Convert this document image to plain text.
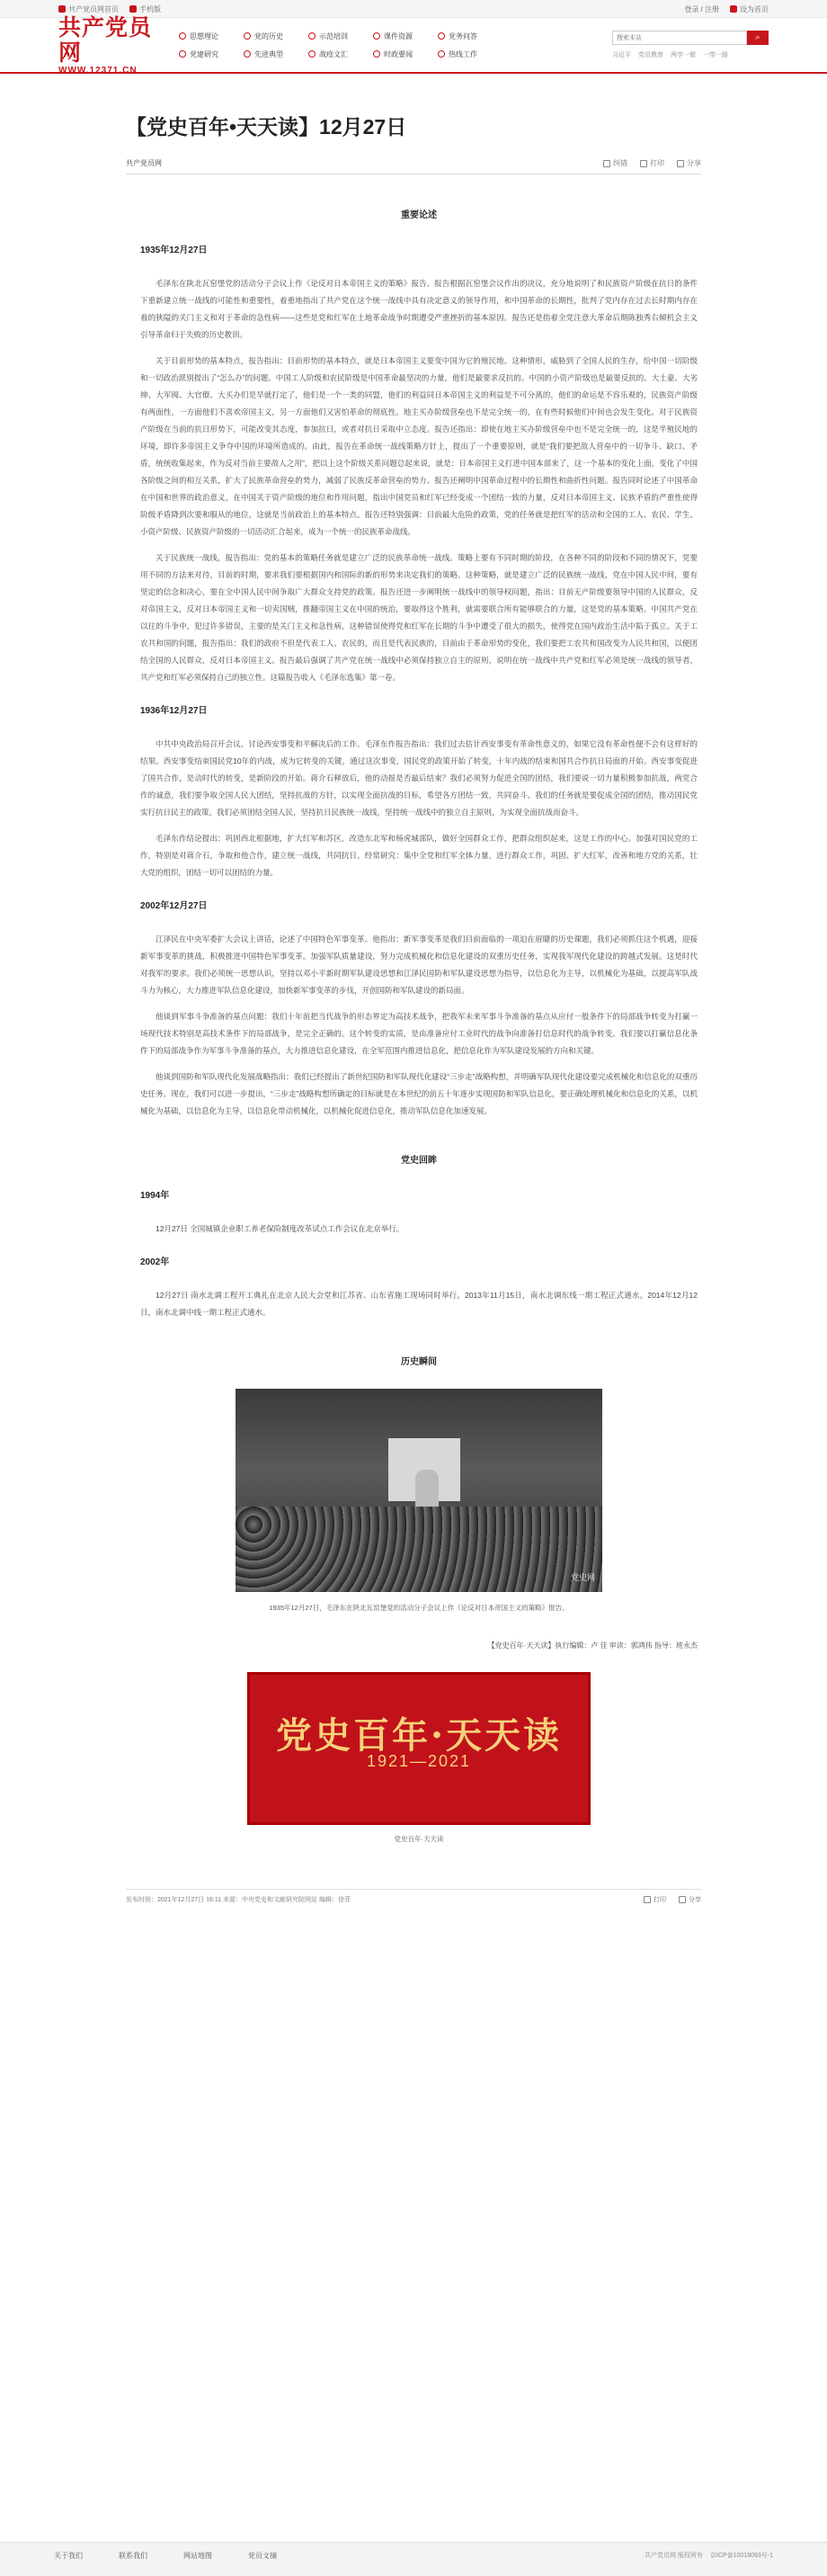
共产党员网首页	手机版	登录 / 注册	设为首页
共产党员网
WWW.12371.CN
思想理论	党的历史	示范培训	课件资源	党务问答
党建研究	先进典型	战疫文汇	时政要闻	热线工作
搜索本站
⌕
习近平 党员教育 两学一做 一带一路
【党史百年•天天读】12月27日
共产党员网	纠错	打印	分享
重要论述
1935年12月27日

毛泽东在陕北瓦窑堡党的活动分子会议上作《论反对日本帝国主义的策略》报告。报告根据瓦窑堡会议作出的决议，充分地说明了和民族资产阶级在抗日的条件下重新建立统一战线的可能性和重要性，着重地指出了共产党在这个统一战线中具有决定意义的领导作用，和中国革命的长期性，批判了党内存在过去长时期内存在着的狭隘的关门主义和对于革命的急性病——这些是党和红军在土地革命战争时期遭受严重挫折的基本原因。报告还是指着全党注意大革命后期陈独秀右倾机会主义引导革命归于失败的历史教训。

关于目前形势的基本特点，报告指出：目前形势的基本特点，就是日本帝国主义要变中国为它的殖民地。这种情形，威胁到了全国人民的生存，给中国一切阶级和一切政治派别提出了“怎么办”的问题。中国工人阶级和农民阶级是中国革命最坚决的力量，他们是最要求反抗的。中国的小资产阶级也是最要反抗的。大土豪、大劣绅、大军阀、大官僚、大买办们是早就打定了，他们是一个一类的同盟，他们的利益同日本帝国主义的利益是不可分离的，他们的命运是不容乐观的，民族资产阶级有两面性，一方面他们不喜欢帝国主义，另一方面他们又害怕革命的彻底性。地主买办阶级营垒也不是完全统一的，在有些时候他们中间也会发生变化。对于民族资产阶级在当前的抗日形势下，可能改变其态度，参加抗日，或者对抗日采取中立态度。报告还指出：即使在地主买办阶级营垒中也不是完全统一的，这是半殖民地的环境，即许多帝国主义争夺中国的环境所造成的。由此，报告在革命统一战线策略方针上，提出了一个重要原则，就是“我们要把敌人营垒中的一切争斗、缺口、矛盾，统统收集起来，作为反对当前主要敌人之用”，把以上这个阶级关系问题总起来说，就是：日本帝国主义打进中国本部来了，这一个基本的变化上面，变化了中国各阶级之间的相互关系，扩大了民族革命营垒的势力，减弱了民族反革命营垒的势力。报告还阐明中国革命过程中的长期性和曲折性问题。报告同时论述了中国革命在中国和世界的政治意义，在中国关于资产阶级的地位和作用问题，指出中国党员和红军已经变成一个团结一致的力量，反对日本帝国主义、民族矛盾的严重性使得阶级矛盾降到次要和服从的地位，这就是当前政治上的基本特点。报告还特别强调：目前最大危险的政策，党的任务就是把红军的活动和全国的工人、农民、学生、小资产阶级、民族资产阶级的一切活动汇合起来，成为一个统一的民族革命战线。

关于民族统一战线，报告指出：党的基本的策略任务就是建立广泛的民族革命统一战线。策略上要有不同时期的阶段，在各种不同的阶段和不同的情况下，党要用不同的方法来对待，目前的时期，要求我们要根据国内和国际的新的形势来决定我们的策略。这种策略，就是建立广泛的民族统一战线，党在中国人民中间，要有坚定的信念和决心，要在全中国人民中间争取广大群众支持党的政策。报告还进一步阐明统一战线中的领导权问题，指出：目前无产阶级要领导中国的人民群众，反对帝国主义，反对日本帝国主义和一切卖国贼，推翻帝国主义在中国的统治，要取得这个胜利，就需要联合所有能够联合的力量，这是党的基本策略。中国共产党在以往的斗争中，犯过许多错误，主要的是关门主义和急性病，这种错误使得党和红军在长期的斗争中遭受了很大的损失，使得党在国内政治生活中陷于孤立。关于工农共和国的问题，报告指出：我们的政府不但是代表工人、农民的，而且是代表民族的，目前由于革命形势的变化，我们要把工农共和国改变为人民共和国，以便团结全国的人民群众，反对日本帝国主义。报告最后强调了共产党在统一战线中必须保持独立自主的原则，说明在统一战线中共产党和红军必须是统一战线的领导者，共产党和红军必须保持自己的独立性。这篇报告收入《毛泽东选集》第一卷。

1936年12月27日

中共中央政治局召开会议，讨论西安事变和平解决后的工作。毛泽东作报告指出：我们过去估计西安事变有革命性意义的，如果它没有革命性便不会有这样好的结果。西安事变结束国民党10年的内战，成为它转变的关键，通过这次事变，国民党的政策开始了转变，十年内战的结束和国共合作抗日局面的开始。西安事变促进了国共合作，是动时代的转变，是新阶段的开始。蒋介石释放后，他的动摇是否最后结束？我们必须努力促进全国的团结，我们要说一切力量积极参加抗战，两党合作的诚意，我们要争取全国人民大团结，坚持抗战的方针，以实现全面抗战的目标，希望各方团结一致，共同奋斗。我们的任务就是要促成全国的团结，推动国民党实行抗日民主的政策。我们必须团结全国人民，坚持抗日民族统一战线，坚持统一战线中的独立自主原则，为实现全面抗战而奋斗。

毛泽东作结论提出：巩固西北根据地，扩大红军和苏区，改造东北军和杨虎城部队，做好全国群众工作，把群众组织起来，这是工作的中心。加强对国民党的工作，特别是对蒋介石，争取和他合作，建立统一战线，共同抗日。经常研究：集中全党和红军全体力量，进行群众工作，巩固、扩大红军，改善和地方党的关系，壮大党的组织，团结一切可以团结的力量。

2002年12月27日

江泽民在中央军委扩大会议上讲话，论述了中国特色军事变革。他指出：新军事变革是我们目前面临的一项迫在眉睫的历史课题，我们必须抓住这个机遇，迎接新军事变革的挑战，积极推进中国特色军事变革。加强军队质量建设，努力完成机械化和信息化建设的双重历史任务，实现我军现代化建设的跨越式发展。这是时代对我军的要求。我们必须统一思想认识，坚持以邓小平新时期军队建设思想和江泽民国防和军队建设思想为指导，以信息化为主导，以机械化为基础，以提高军队战斗力为核心，大力推进军队信息化建设，加快新军事变革的步伐，开创国防和军队建设的新局面。

他谈到军事斗争准备的基点问题：我们十年前把当代战争的形态界定为高技术战争，把我军未来军事斗争准备的基点从应付一般条件下的局部战争转变为打赢一场现代技术特别是高技术条件下的局部战争，是完全正确的。这个转变的实质，是由准备应付工业时代的战争向准备打信息时代的战争转变。我们要以打赢信息化条件下的局部战争作为军事斗争准备的基点，大力推进信息化建设，在全军范围内推进信息化，把信息化作为军队建设发展的方向和关键。

他谈到国防和军队现代化发展战略指出：我们已经提出了新世纪国防和军队现代化建设“三步走”战略构想，并明确军队现代化建设要完成机械化和信息化的双重历史任务。现在，我们可以进一步提出，“三步走”战略构想所确定的目标就是在本世纪的前五十年逐步实现国防和军队信息化，要正确处理机械化和信息化的关系，以机械化为基础，以信息化为主导，以信息化带动机械化，以机械化促进信息化，推动军队信息化加速发展。

党史回眸
1994年

12月27日 全国城镇企业职工养老保险制度改革试点工作会议在北京举行。

2002年

12月27日 南水北调工程开工典礼在北京人民大会堂和江苏省、山东省施工现场同时举行。2013年11月15日，南水北调东线一期工程正式通水。2014年12月12日，南水北调中线一期工程正式通水。

历史瞬间
党史网
1935年12月27日，毛泽东在陕北瓦窑堡党的活动分子会议上作《论反对日本帝国主义的策略》报告。
【党史百年·天天读】执行编辑：卢 佳 审读：郭鸿伟 指导：班永杰
党史百年·天天读
1921—2021
党史百年·天天读
发布时间：2021年12月27日 16:11 来源：中央党史和文献研究院网站 编辑：徐菲	打印	分享
关于我们	联系我们	网站地图	党员文摘	共产党员网 版权所有 京ICP备10018093号-1
